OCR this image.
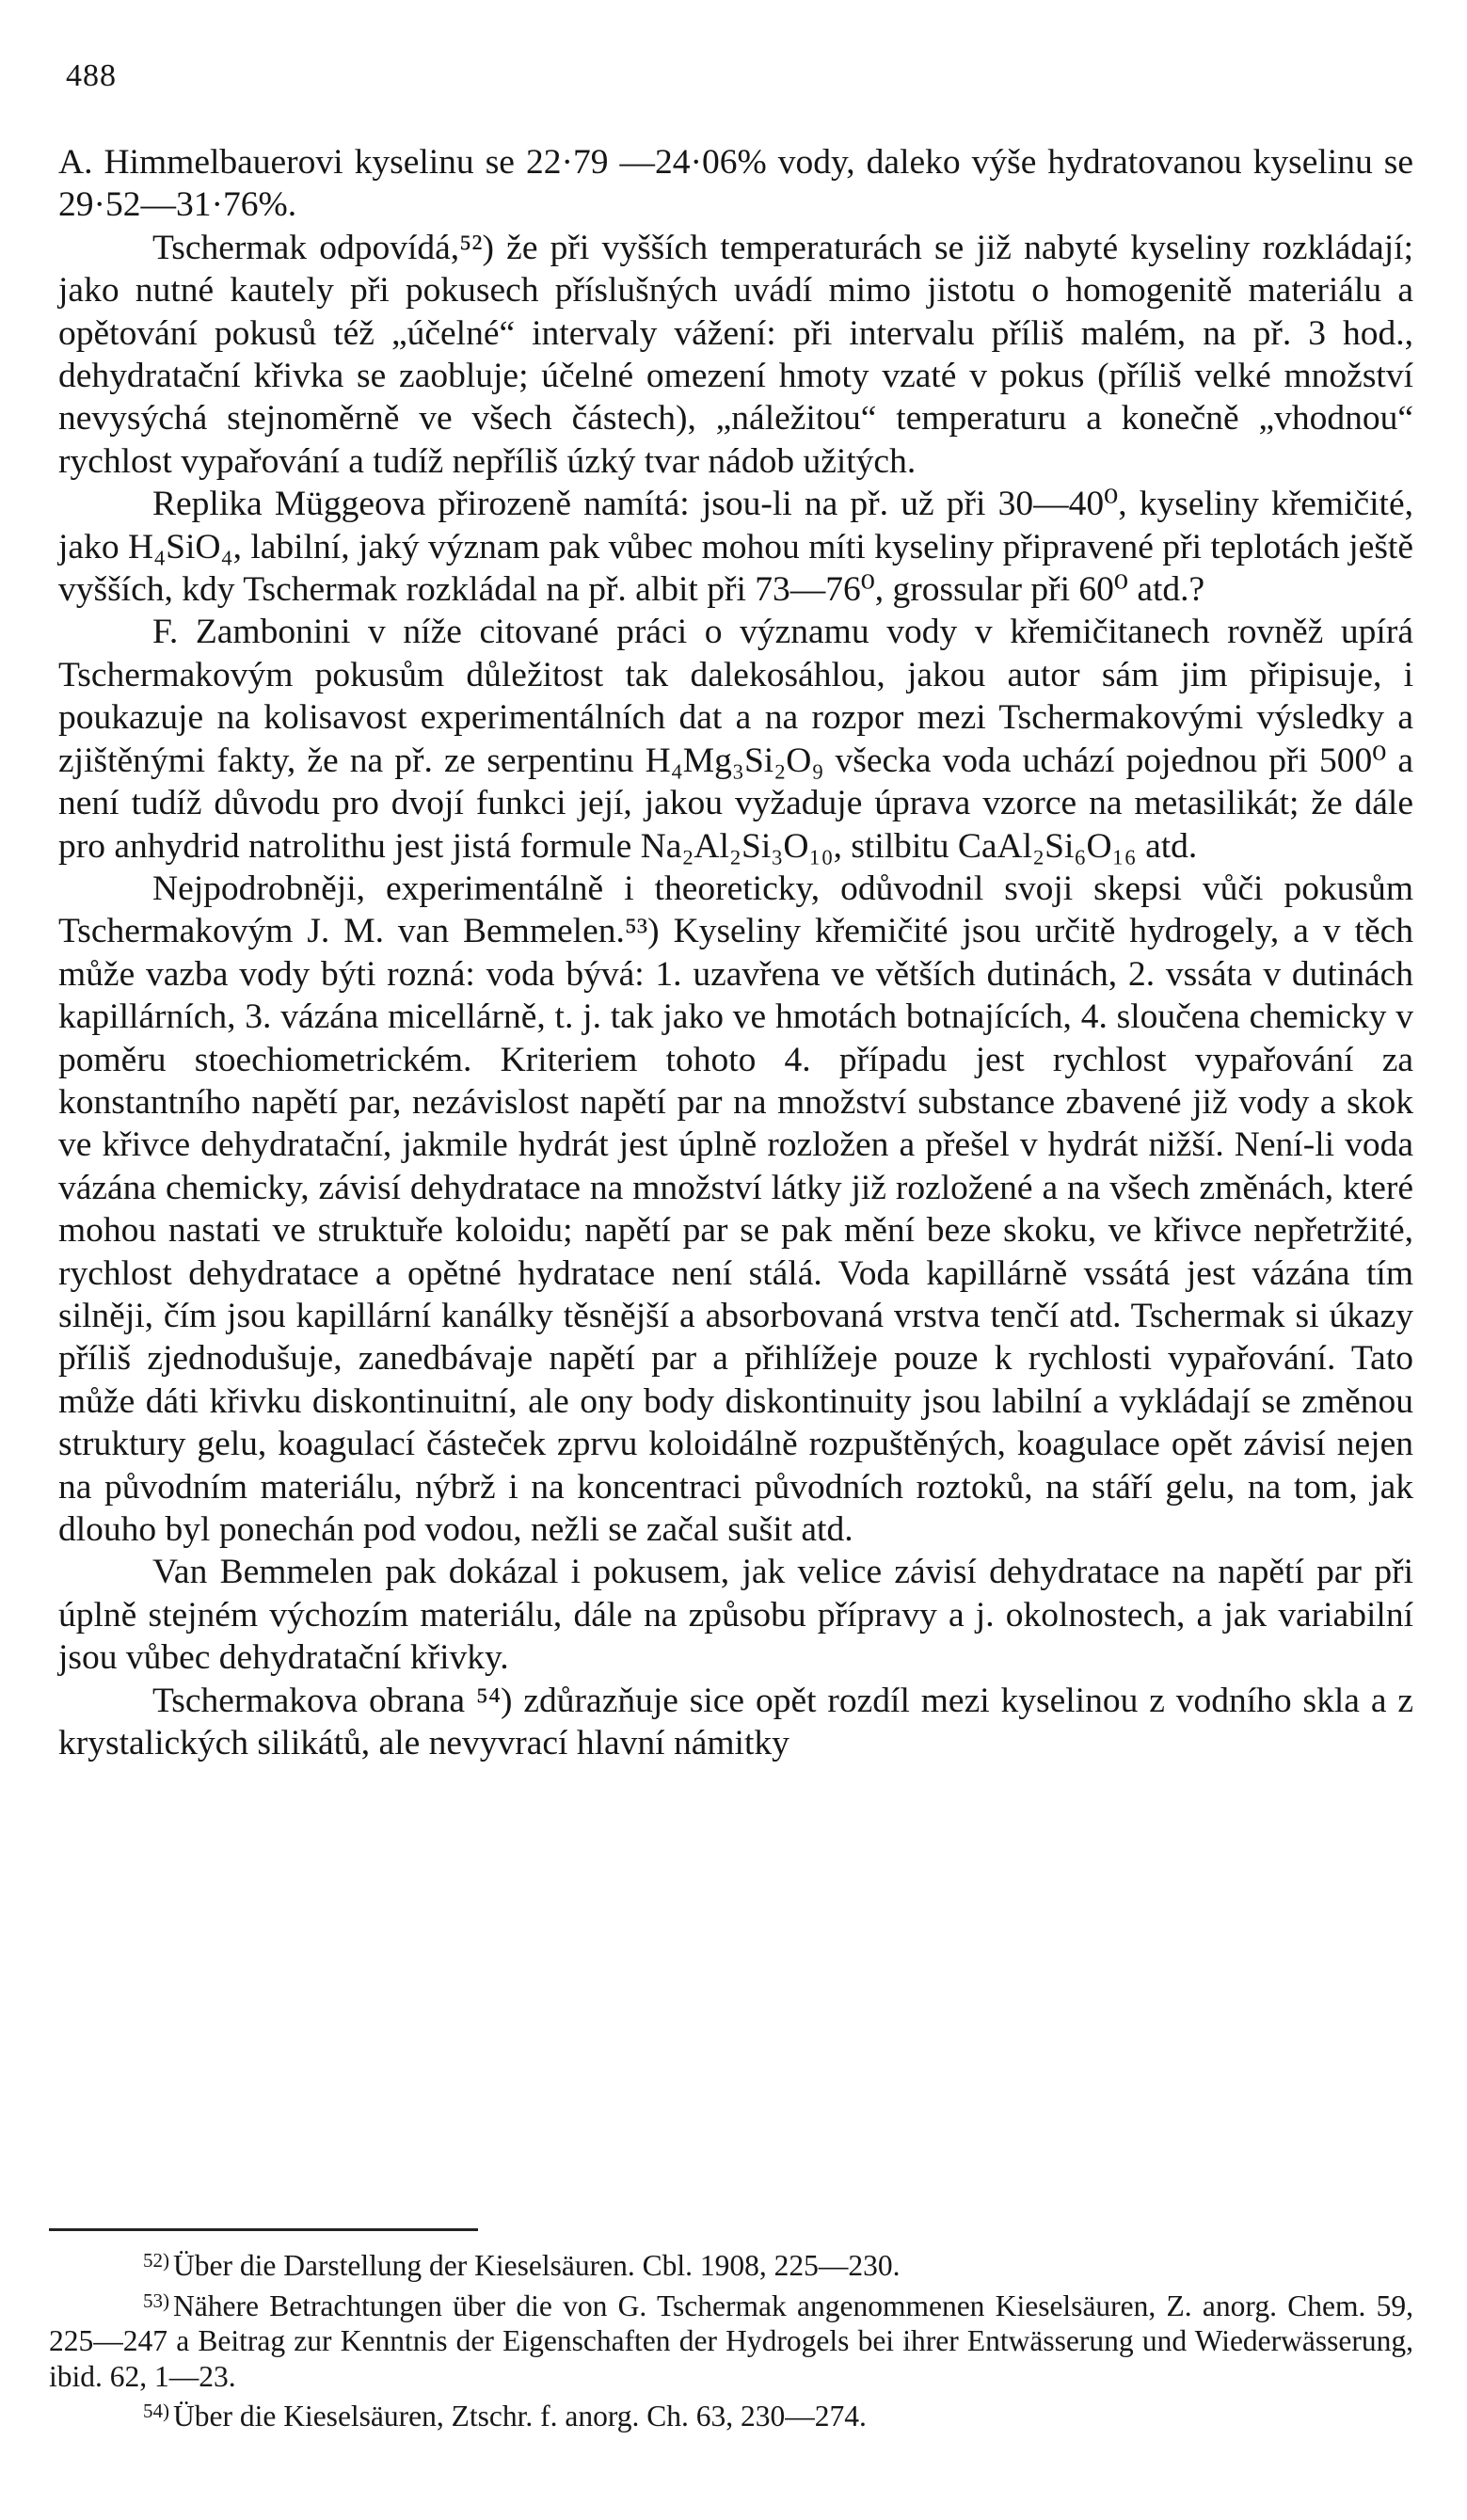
488

A. Himmelbauerovi kyselinu se 22·79 —24·06% vody, daleko výše hydratovanou kyselinu se 29·52—31·76%.

Tschermak odpovídá,⁵²) že při vyšších temperaturách se již nabyté kyseliny rozkládají; jako nutné kautely při pokusech příslušných uvádí mimo jistotu o homogenitě materiálu a opětování pokusů též „účelné“ intervaly vážení: při intervalu příliš malém, na př. 3 hod., dehydratační křivka se zaobluje; účelné omezení hmoty vzaté v pokus (příliš velké množství nevysýchá stejnoměrně ve všech částech), „náležitou“ temperaturu a konečně „vhodnou“ rychlost vypařování a tudíž nepříliš úzký tvar nádob užitých.

Replika Müggeova přirozeně namítá: jsou-li na př. už při 30—40⁰, kyseliny křemičité, jako H₄SiO₄, labilní, jaký význam pak vůbec mohou míti kyseliny připravené při teplotách ještě vyšších, kdy Tschermak rozkládal na př. albit při 73—76⁰, grossular při 60⁰ atd.?

F. Zambonini v níže citované práci o významu vody v křemičitanech rovněž upírá Tschermakovým pokusům důležitost tak dalekosáhlou, jakou autor sám jim připisuje, i poukazuje na kolisavost experimentálních dat a na rozpor mezi Tschermakovými výsledky a zjištěnými fakty, že na př. ze serpentinu H₄Mg₃Si₂O₉ všecka voda uchází pojednou při 500⁰ a není tudíž důvodu pro dvojí funkci její, jakou vyžaduje úprava vzorce na metasilikát; že dále pro anhydrid natrolithu jest jistá formule Na₂Al₂Si₃O₁₀, stilbitu CaAl₂Si₆O₁₆ atd.

Nejpodrobněji, experimentálně i theoreticky, odůvodnil svoji skepsi vůči pokusům Tschermakovým J. M. van Bemmelen.⁵³) Kyseliny křemičité jsou určitě hydrogely, a v těch může vazba vody býti rozná: voda bývá: 1. uzavřena ve větších dutinách, 2. vssáta v dutinách kapillárních, 3. vázána micellárně, t. j. tak jako ve hmotách botnajících, 4. sloučena chemicky v poměru stoechiometrickém. Kriteriem tohoto 4. případu jest rychlost vypařování za konstantního napětí par, nezávislost napětí par na množství substance zbavené již vody a skok ve křivce dehydratační, jakmile hydrát jest úplně rozložen a přešel v hydrát nižší. Není-li voda vázána chemicky, závisí dehydratace na množství látky již rozložené a na všech změnách, které mohou nastati ve struktuře koloidu; napětí par se pak mění beze skoku, ve křivce nepřetržité, rychlost dehydratace a opětné hydratace není stálá. Voda kapillárně vssátá jest vázána tím silněji, čím jsou kapillární kanálky těsnější a absorbovaná vrstva tenčí atd. Tschermak si úkazy příliš zjednodušuje, zanedbávaje napětí par a přihlížeje pouze k rychlosti vypařování. Tato může dáti křivku diskontinuitní, ale ony body diskontinuity jsou labilní a vykládají se změnou struktury gelu, koagulací částeček zprvu koloidálně rozpuštěných, koagulace opět závisí nejen na původním materiálu, nýbrž i na koncentraci původních roztoků, na stáří gelu, na tom, jak dlouho byl ponechán pod vodou, nežli se začal sušit atd.

Van Bemmelen pak dokázal i pokusem, jak velice závisí dehydratace na napětí par při úplně stejném výchozím materiálu, dále na způsobu přípravy a j. okolnostech, a jak variabilní jsou vůbec dehydratační křivky.

Tschermakova obrana ⁵⁴) zdůrazňuje sice opět rozdíl mezi kyselinou z vodního skla a z krystalických silikátů, ale nevyvrací hlavní námitky

$^{52)}$ Über die Darstellung der Kieselsäuren. Cbl. 1908, 225—230.

$^{53)}$ Nähere Betrachtungen über die von G. Tschermak angenommenen Kieselsäuren, Z. anorg. Chem. 59, 225—247 a Beitrag zur Kenntnis der Eigenschaften der Hydrogels bei ihrer Entwässerung und Wiederwässerung, ibid. 62, 1—23.

$^{54)}$ Über die Kieselsäuren, Ztschr. f. anorg. Ch. 63, 230—274.
